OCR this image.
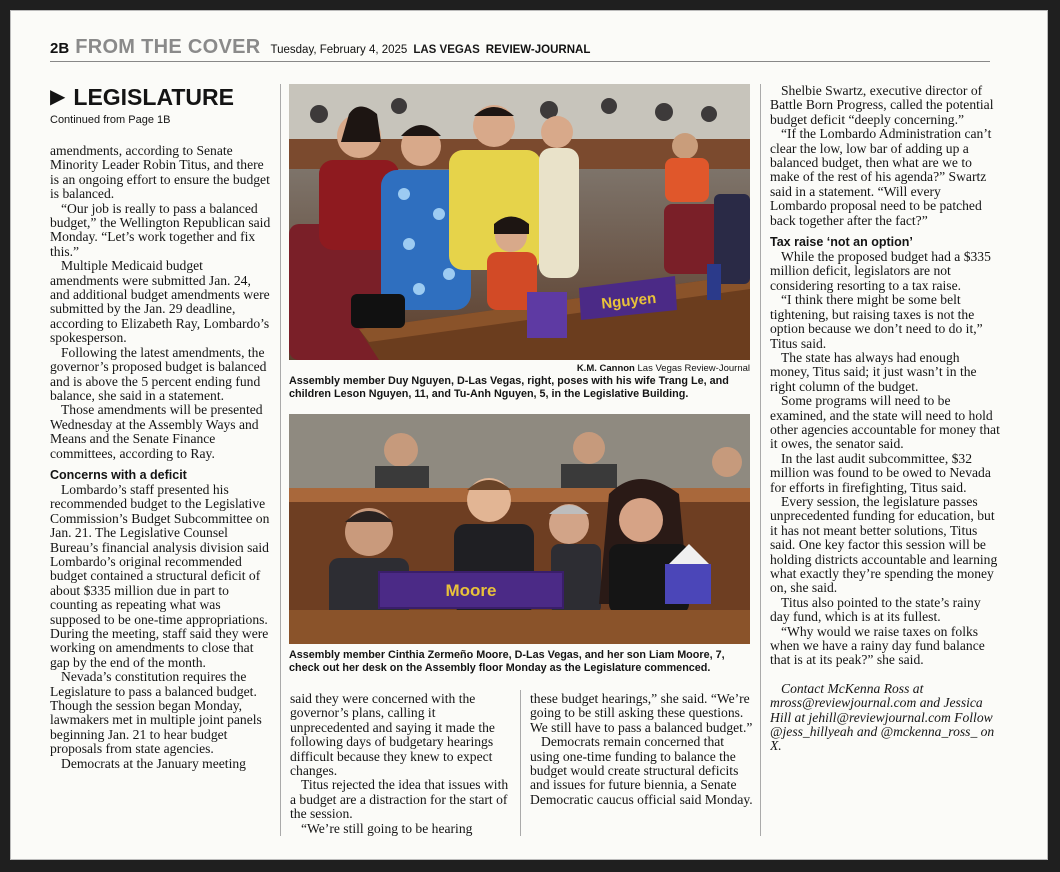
2B FROM THE COVER Tuesday, February 4, 2025 LAS VEGAS REVIEW-JOURNAL
▶ LEGISLATURE
Continued from Page 1B

amendments, according to Senate Minority Leader Robin Titus, and there is an ongoing effort to ensure the budget is balanced.

“Our job is really to pass a balanced budget,” the Wellington Republican said Monday. “Let’s work together and fix this.”

Multiple Medicaid budget amendments were submitted Jan. 24, and additional budget amendments were submitted by the Jan. 29 deadline, according to Elizabeth Ray, Lombardo’s spokesperson.

Following the latest amendments, the governor’s proposed budget is balanced and is above the 5 percent ending fund balance, she said in a statement.

Those amendments will be presented Wednesday at the Assembly Ways and Means and the Senate Finance committees, according to Ray.

Concerns with a deficit

Lombardo’s staff presented his recommended budget to the Legislative Commission’s Budget Subcommittee on Jan. 21. The Legislative Counsel Bureau’s financial analysis division said Lombardo’s original recommended budget contained a structural deficit of about $335 million due in part to counting as repeating what was supposed to be one-time appropriations. During the meeting, staff said they were working on amendments to close that gap by the end of the month.

Nevada’s constitution requires the Legislature to pass a balanced budget. Though the session began Monday, lawmakers met in multiple joint panels beginning Jan. 21 to hear budget proposals from state agencies.

Democrats at the January meeting

Nguyen
K.M. Cannon Las Vegas Review-Journal
Assembly member Duy Nguyen, D-Las Vegas, right, poses with his wife Trang Le, and children Leson Nguyen, 11, and Tu-Anh Nguyen, 5, in the Legislative Building.
Moore
Assembly member Cinthia Zermeño Moore, D-Las Vegas, and her son Liam Moore, 7, check out her desk on the Assembly floor Monday as the Legislature commenced.

said they were concerned with the governor’s plans, calling it unprecedented and saying it made the following days of budgetary hearings difficult because they knew to expect changes.

Titus rejected the idea that issues with a budget are a distraction for the start of the session.

“We’re still going to be hearing

these budget hearings,” she said. “We’re going to be still asking these questions. We still have to pass a balanced budget.”

Democrats remain concerned that using one-time funding to balance the budget would create structural deficits and issues for future biennia, a Senate Democratic caucus official said Monday.

Shelbie Swartz, executive director of Battle Born Progress, called the potential budget deficit “deeply concerning.”

“If the Lombardo Administration can’t clear the low, low bar of adding up a balanced budget, then what are we to make of the rest of his agenda?” Swartz said in a statement. “Will every Lombardo proposal need to be patched back together after the fact?”

Tax raise ‘not an option’

While the proposed budget had a $335 million deficit, legislators are not considering resorting to a tax raise.

“I think there might be some belt tightening, but raising taxes is not the option because we don’t need to do it,” Titus said.

The state has always had enough money, Titus said; it just wasn’t in the right column of the budget.

Some programs will need to be examined, and the state will need to hold other agencies accountable for money that it owes, the senator said.

In the last audit subcommittee, $32 million was found to be owed to Nevada for efforts in firefighting, Titus said.

Every session, the legislature passes unprecedented funding for education, but it has not meant better solutions, Titus said. One key factor this session will be holding districts accountable and learning what exactly they’re spending the money on, she said.

Titus also pointed to the state’s rainy day fund, which is at its fullest.

“Why would we raise taxes on folks when we have a rainy day fund balance that is at its peak?” she said.

Contact McKenna Ross at mross@reviewjournal.com and Jessica Hill at jehill@reviewjournal.com Follow @jess_hillyeah and @mckenna_ross_ on X.
